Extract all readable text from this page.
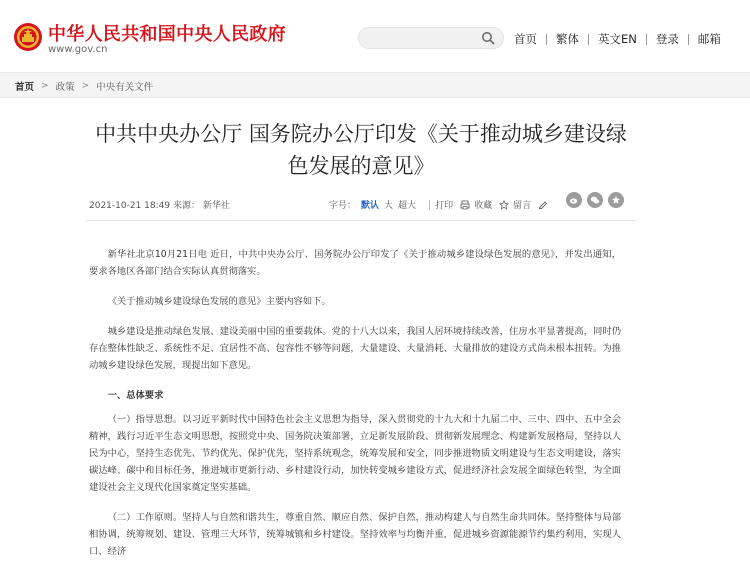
中华人民共和国中央人民政府
www.gov.cn
首页 繁体 英文EN 登录 邮箱
首页 > 政策 > 中央有关文件
中共中央办公厅 国务院办公厅印发《关于推动城乡建设绿色发展的意见》
2021-10-21 18:49 来源： 新华社	字号： 默认 大 超大 打印 收藏 留言

新华社北京10月21日电 近日，中共中央办公厅、国务院办公厅印发了《关于推动城乡建设绿色发展的意见》，并发出通知，要求各地区各部门结合实际认真贯彻落实。

《关于推动城乡建设绿色发展的意见》主要内容如下。

城乡建设是推动绿色发展、建设美丽中国的重要载体。党的十八大以来，我国人居环境持续改善，住房水平显著提高，同时仍存在整体性缺乏、系统性不足、宜居性不高、包容性不够等问题，大量建设、大量消耗、大量排放的建设方式尚未根本扭转。为推动城乡建设绿色发展，现提出如下意见。

一、总体要求

（一）指导思想。以习近平新时代中国特色社会主义思想为指导，深入贯彻党的十九大和十九届二中、三中、四中、五中全会精神，践行习近平生态文明思想，按照党中央、国务院决策部署，立足新发展阶段、贯彻新发展理念、构建新发展格局，坚持以人民为中心，坚持生态优先、节约优先、保护优先，坚持系统观念，统筹发展和安全，同步推进物质文明建设与生态文明建设，落实碳达峰、碳中和目标任务，推进城市更新行动、乡村建设行动，加快转变城乡建设方式，促进经济社会发展全面绿色转型，为全面建设社会主义现代化国家奠定坚实基础。

（二）工作原则。坚持人与自然和谐共生，尊重自然、顺应自然、保护自然，推动构建人与自然生命共同体。坚持整体与局部相协调，统筹规划、建设、管理三大环节，统筹城镇和乡村建设。坚持效率与均衡并重，促进城乡资源能源节约集约利用，实现人口、经济
